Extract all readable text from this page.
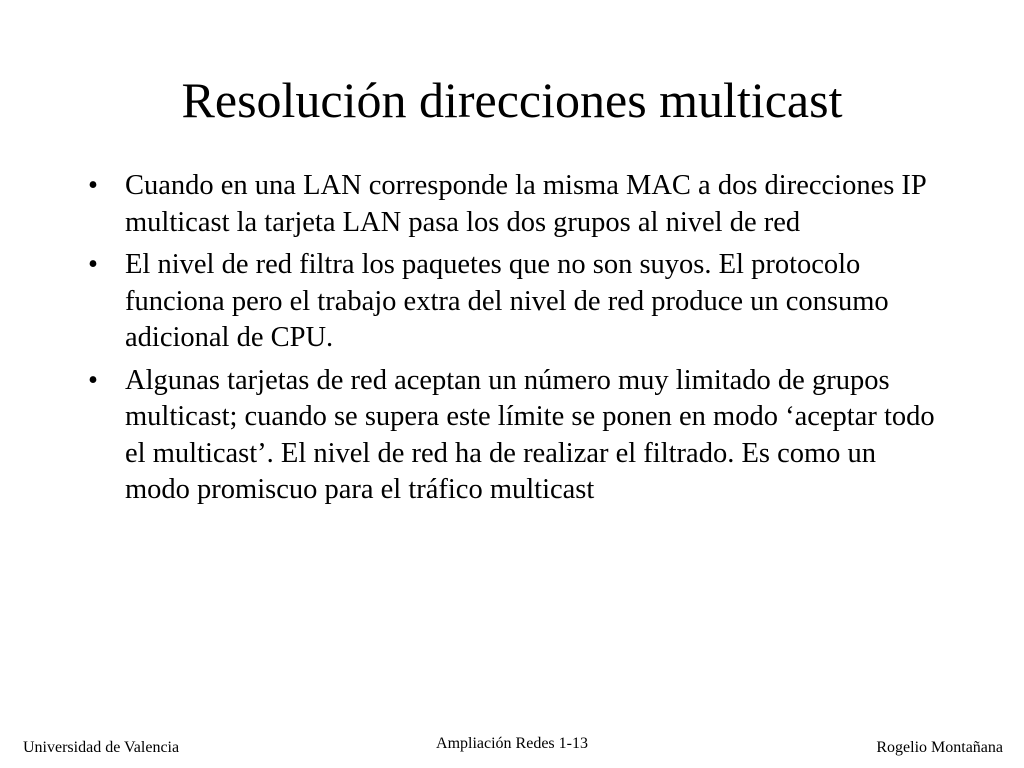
Resolución direcciones multicast
• Cuando en una LAN corresponde la misma MAC a dos direcciones IP multicast la tarjeta LAN pasa los dos grupos al nivel de red
• El nivel de red filtra los paquetes que no son suyos. El protocolo funciona pero el trabajo extra del nivel de red produce un consumo adicional de CPU.
• Algunas tarjetas de red aceptan un número muy limitado de grupos multicast; cuando se supera este límite se ponen en modo ‘aceptar todo el multicast’. El nivel de red ha de realizar el filtrado. Es como un modo promiscuo para el tráfico multicast
Universidad de Valencia	Ampliación Redes 1-13	Rogelio Montañana
